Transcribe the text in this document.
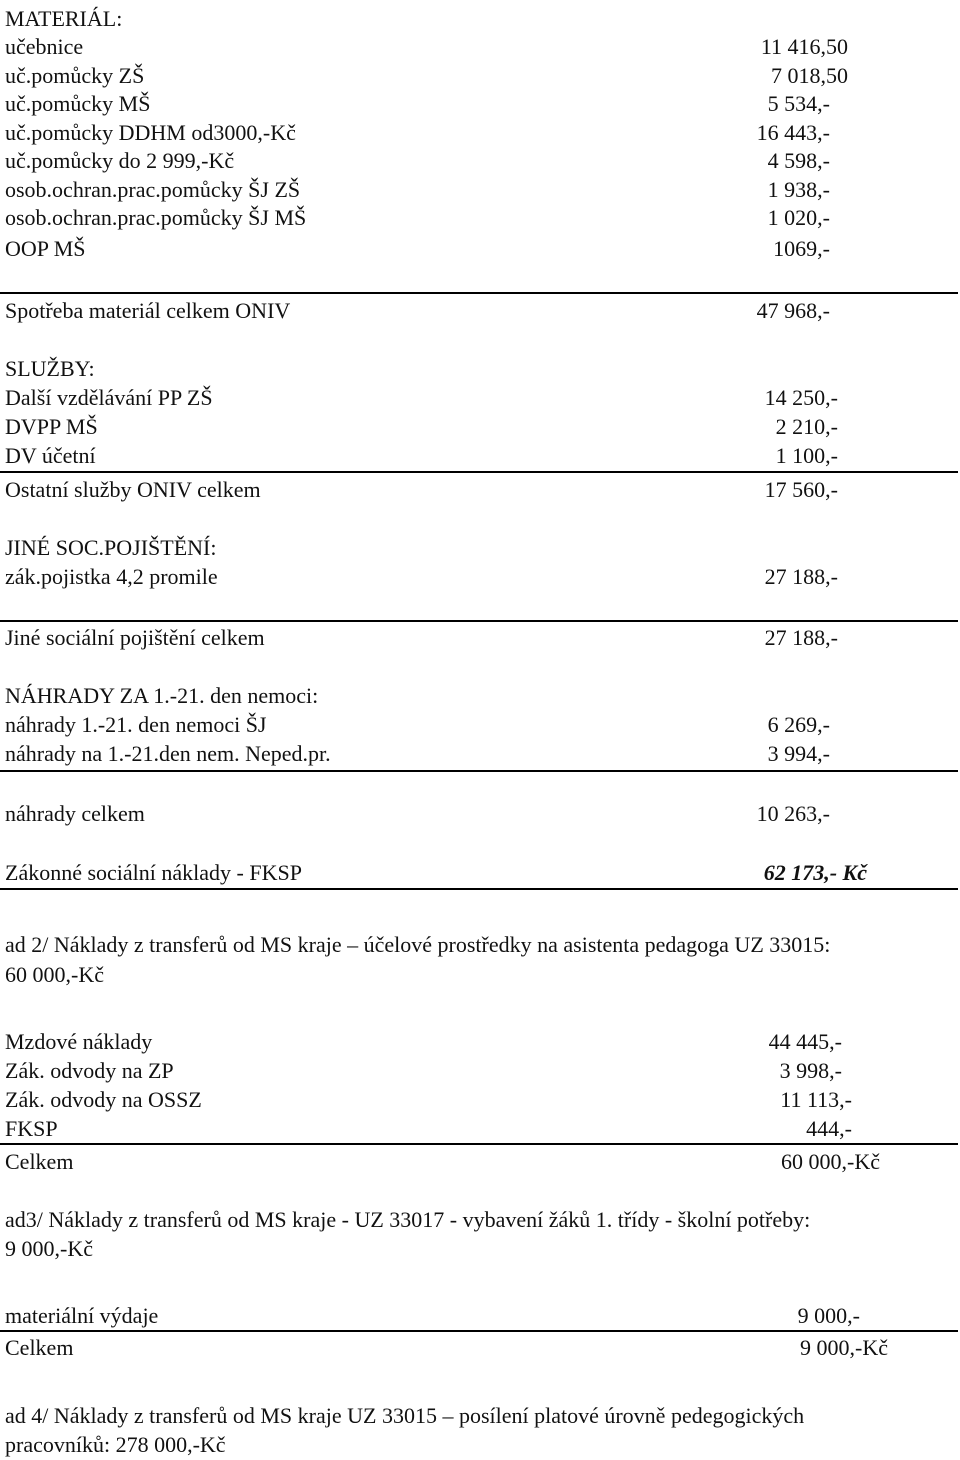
MATERIÁL:
učebnice	11 416,50
uč.pomůcky ZŠ	7 018,50
uč.pomůcky MŠ	5 534,-
uč.pomůcky DDHM od3000,-Kč	16 443,-
uč.pomůcky do 2 999,-Kč	4 598,-
osob.ochran.prac.pomůcky ŠJ ZŠ	1 938,-
osob.ochran.prac.pomůcky ŠJ MŠ	1 020,-
OOP MŠ	1069,-
Spotřeba materiál celkem ONIV	47 968,-
SLUŽBY:
Další vzdělávání PP ZŠ	14 250,-
DVPP MŠ	2 210,-
DV účetní	1 100,-
Ostatní služby ONIV celkem	17 560,-
JINÉ SOC.POJIŠTĚNÍ:
zák.pojistka 4,2 promile	27 188,-
Jiné sociální pojištění celkem	27 188,-
NÁHRADY ZA 1.-21. den nemoci:
náhrady 1.-21. den nemoci ŠJ	6 269,-
náhrady na 1.-21.den nem. Neped.pr.	3 994,-
náhrady celkem	10 263,-
Zákonné sociální náklady - FKSP	62 173,- Kč
ad 2/ Náklady z transferů od MS kraje – účelové prostředky na asistenta pedagoga UZ 33015:
60 000,-Kč
Mzdové náklady	44 445,-
Zák. odvody na ZP	3 998,-
Zák. odvody na OSSZ	11 113,-
FKSP	444,-
Celkem	60 000,-Kč
ad3/ Náklady z transferů od MS kraje - UZ 33017 - vybavení žáků 1. třídy - školní potřeby:
9 000,-Kč
materiální výdaje	9 000,-
Celkem	9 000,-Kč
ad 4/ Náklady z transferů od MS kraje UZ 33015 – posílení platové úrovně pedegogických
pracovníků: 278 000,-Kč
